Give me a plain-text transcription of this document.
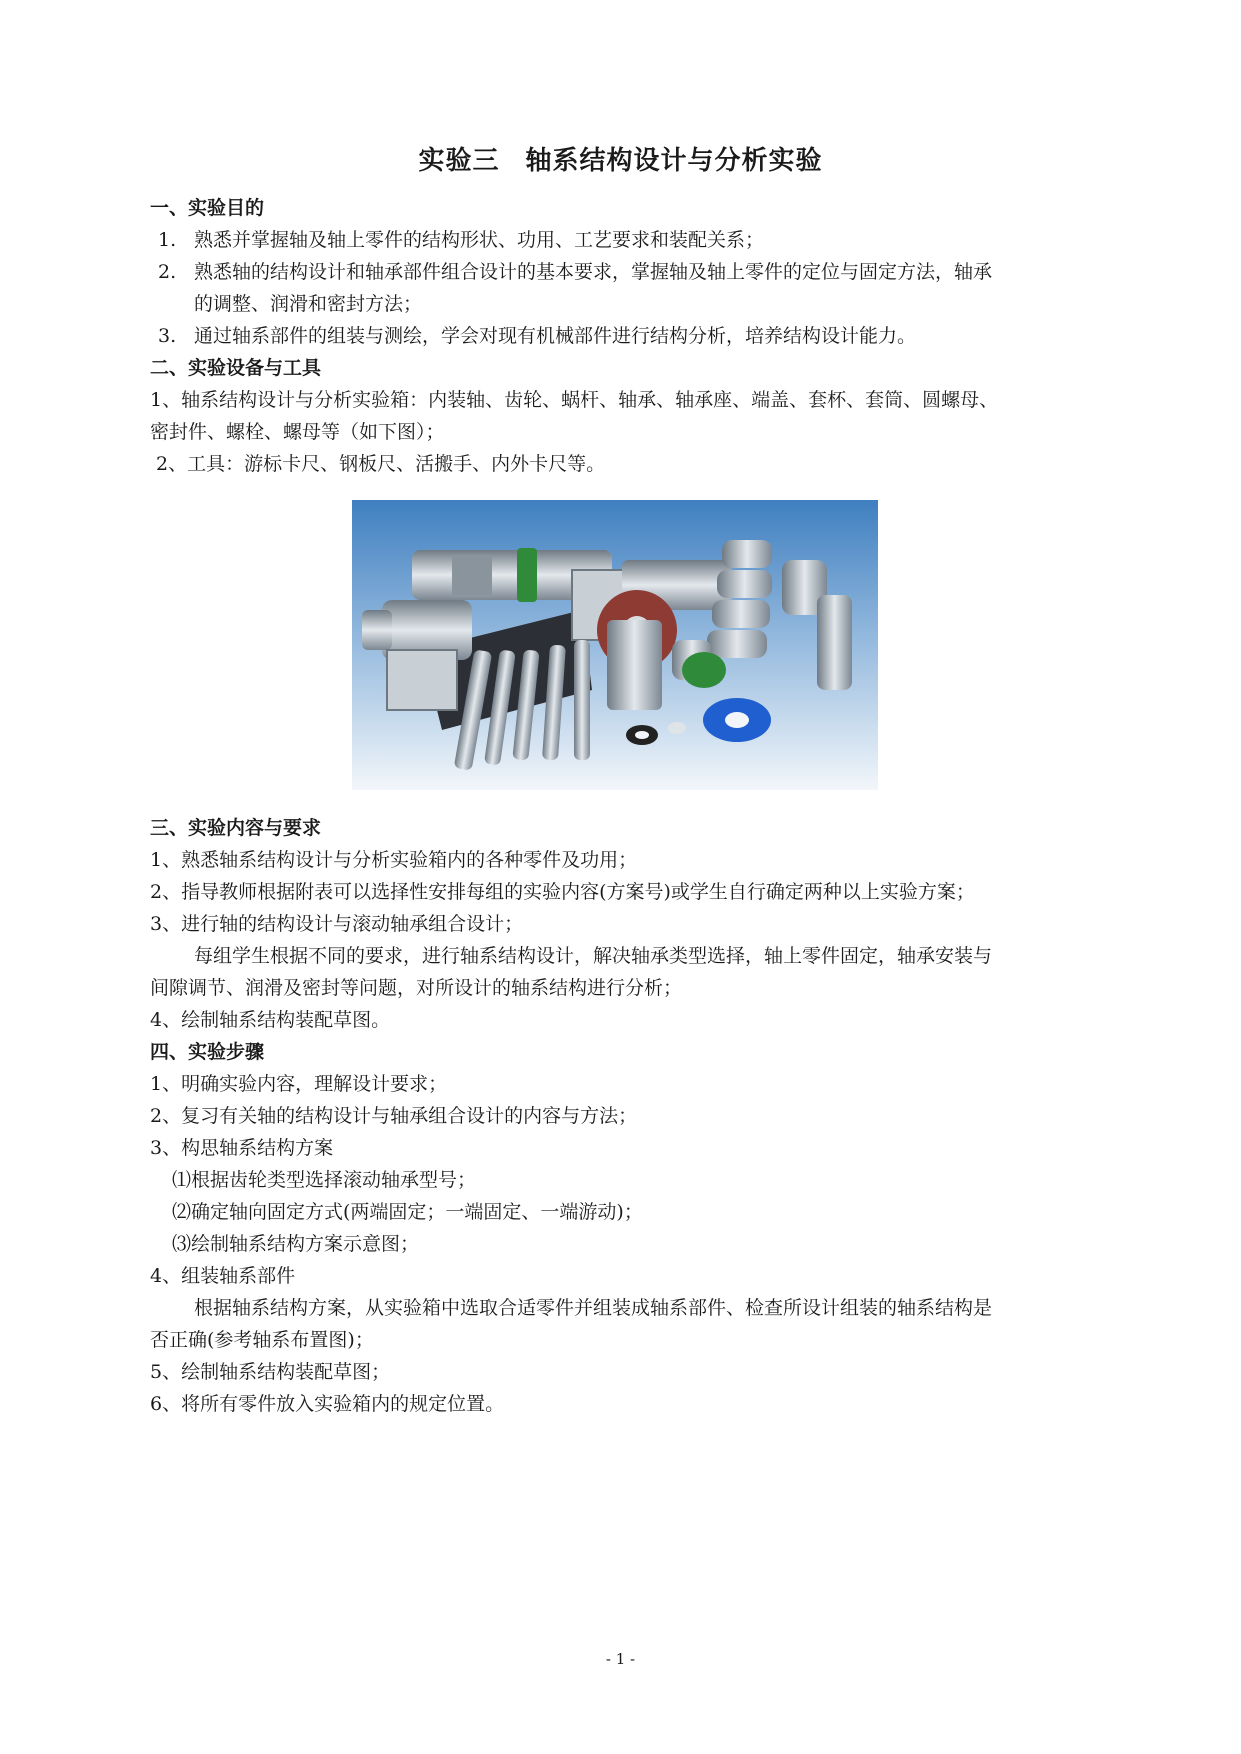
实验三 轴系结构设计与分析实验

一、实验目的

1. 熟悉并掌握轴及轴上零件的结构形状、功用、工艺要求和装配关系；

2. 熟悉轴的结构设计和轴承部件组合设计的基本要求，掌握轴及轴上零件的定位与固定方法，轴承

的调整、润滑和密封方法；

3. 通过轴系部件的组装与测绘，学会对现有机械部件进行结构分析，培养结构设计能力。

二、实验设备与工具

1、轴系结构设计与分析实验箱：内装轴、齿轮、蜗杆、轴承、轴承座、端盖、套杯、套筒、圆螺母、

密封件、螺栓、螺母等（如下图）；

2、工具：游标卡尺、钢板尺、活搬手、内外卡尺等。

三、实验内容与要求

1、熟悉轴系结构设计与分析实验箱内的各种零件及功用；

2、指导教师根据附表可以选择性安排每组的实验内容(方案号)或学生自行确定两种以上实验方案；

3、进行轴的结构设计与滚动轴承组合设计；

每组学生根据不同的要求，进行轴系结构设计，解决轴承类型选择，轴上零件固定，轴承安装与

间隙调节、润滑及密封等问题，对所设计的轴系结构进行分析；

4、绘制轴系结构装配草图。

四、实验步骤

1、明确实验内容，理解设计要求；

2、复习有关轴的结构设计与轴承组合设计的内容与方法；

3、构思轴系结构方案

⑴根据齿轮类型选择滚动轴承型号；

⑵确定轴向固定方式(两端固定；一端固定、一端游动)；

⑶绘制轴系结构方案示意图；

4、组装轴系部件

根据轴系结构方案，从实验箱中选取合适零件并组装成轴系部件、检查所设计组装的轴系结构是

否正确(参考轴系布置图)；

5、绘制轴系结构装配草图；

6、将所有零件放入实验箱内的规定位置。

- 1 -
